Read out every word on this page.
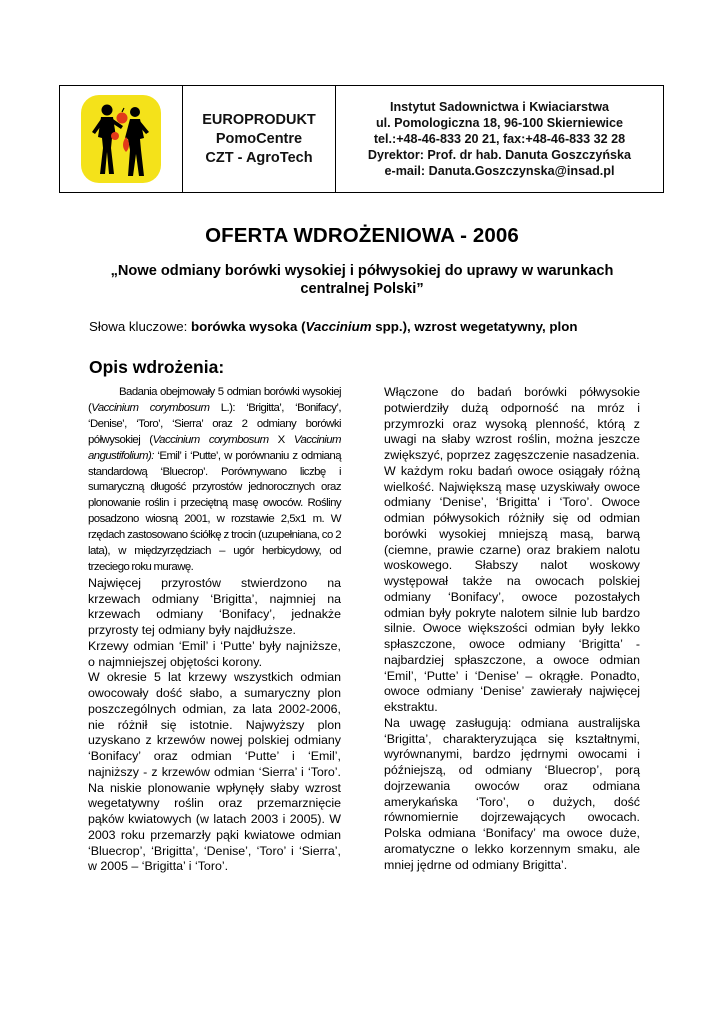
EUROPRODUKT
PomoCentre
CZT - AgroTech
Instytut Sadownictwa i Kwiaciarstwa
ul. Pomologiczna 18, 96-100 Skierniewice
tel.:+48-46-833 20 21, fax:+48-46-833 32 28
Dyrektor: Prof. dr hab. Danuta Goszczyńska
e-mail: Danuta.Goszczynska@insad.pl
OFERTA WDROŻENIOWA - 2006
„Nowe odmiany borówki wysokiej i półwysokiej do uprawy w warunkach centralnej Polski”
Słowa kluczowe: borówka wysoka (Vaccinium spp.), wzrost wegetatywny, plon
Opis wdrożenia:

Badania obejmowały 5 odmian borówki wysokiej (Vaccinium corymbosum L.): ‘Brigitta’, ‘Bonifacy’, ‘Denise’, ‘Toro’, ‘Sierra’ oraz 2 odmiany borówki półwysokiej (Vaccinium corymbosum X Vaccinium angustifolium): ‘Emil’ i ‘Putte’, w porównaniu z odmianą standardową ‘Bluecrop’. Porównywano liczbę i sumaryczną długość przyrostów jednorocznych oraz plonowanie roślin i przeciętną masę owoców. Rośliny posadzono wiosną 2001, w rozstawie 2,5x1 m. W rzędach zastosowano ściółkę z trocin (uzupełniana, co 2 lata), w międzyrzędziach – ugór herbicydowy, od trzeciego roku murawę.

Najwięcej przyrostów stwierdzono na krzewach odmiany ‘Brigitta’, najmniej na krzewach odmiany ‘Bonifacy’, jednakże przyrosty tej odmiany były najdłuższe.

Krzewy odmian ‘Emil’ i ‘Putte’ były najniższe, o najmniejszej objętości korony.

W okresie 5 lat krzewy wszystkich odmian owocowały dość słabo, a sumaryczny plon poszczególnych odmian, za lata 2002-2006, nie różnił się istotnie. Najwyższy plon uzyskano z krzewów nowej polskiej odmiany ‘Bonifacy’ oraz odmian ‘Putte’ i ‘Emil’, najniższy - z krzewów odmian ‘Sierra’ i ‘Toro’. Na niskie plonowanie wpłynęły słaby wzrost wegetatywny roślin oraz przemarznięcie pąków kwiatowych (w latach 2003 i 2005). W 2003 roku przemarzły pąki kwiatowe odmian ‘Bluecrop’, ‘Brigitta’, ‘Denise’, ‘Toro’ i ‘Sierra’, w 2005 – ‘Brigitta’ i ‘Toro’.

Włączone do badań borówki półwysokie potwierdziły dużą odporność na mróz i przymrozki oraz wysoką plenność, którą z uwagi na słaby wzrost roślin, można jeszcze zwiększyć, poprzez zagęszczenie nasadzenia.

W każdym roku badań owoce osiągały różną wielkość. Największą masę uzyskiwały owoce odmiany ‘Denise’, ‘Brigitta’ i ‘Toro’. Owoce odmian półwysokich różniły się od odmian borówki wysokiej mniejszą masą, barwą (ciemne, prawie czarne) oraz brakiem nalotu woskowego. Słabszy nalot woskowy występował także na owocach polskiej odmiany ‘Bonifacy’, owoce pozostałych odmian były pokryte nalotem silnie lub bardzo silnie. Owoce większości odmian były lekko spłaszczone, owoce odmiany ‘Brigitta’ - najbardziej spłaszczone, a owoce odmian ‘Emil’, ‘Putte’ i ‘Denise’ – okrągłe. Ponadto, owoce odmiany ‘Denise’ zawierały najwięcej ekstraktu.

Na uwagę zasługują: odmiana australijska ‘Brigitta’, charakteryzująca się kształtnymi, wyrównanymi, bardzo jędrnymi owocami i późniejszą, od odmiany ‘Bluecrop’, porą dojrzewania owoców oraz odmiana amerykańska ‘Toro’, o dużych, dość równomiernie dojrzewających owocach. Polska odmiana ‘Bonifacy’ ma owoce duże, aromatyczne o lekko korzennym smaku, ale mniej jędrne od odmiany Brigitta’.
